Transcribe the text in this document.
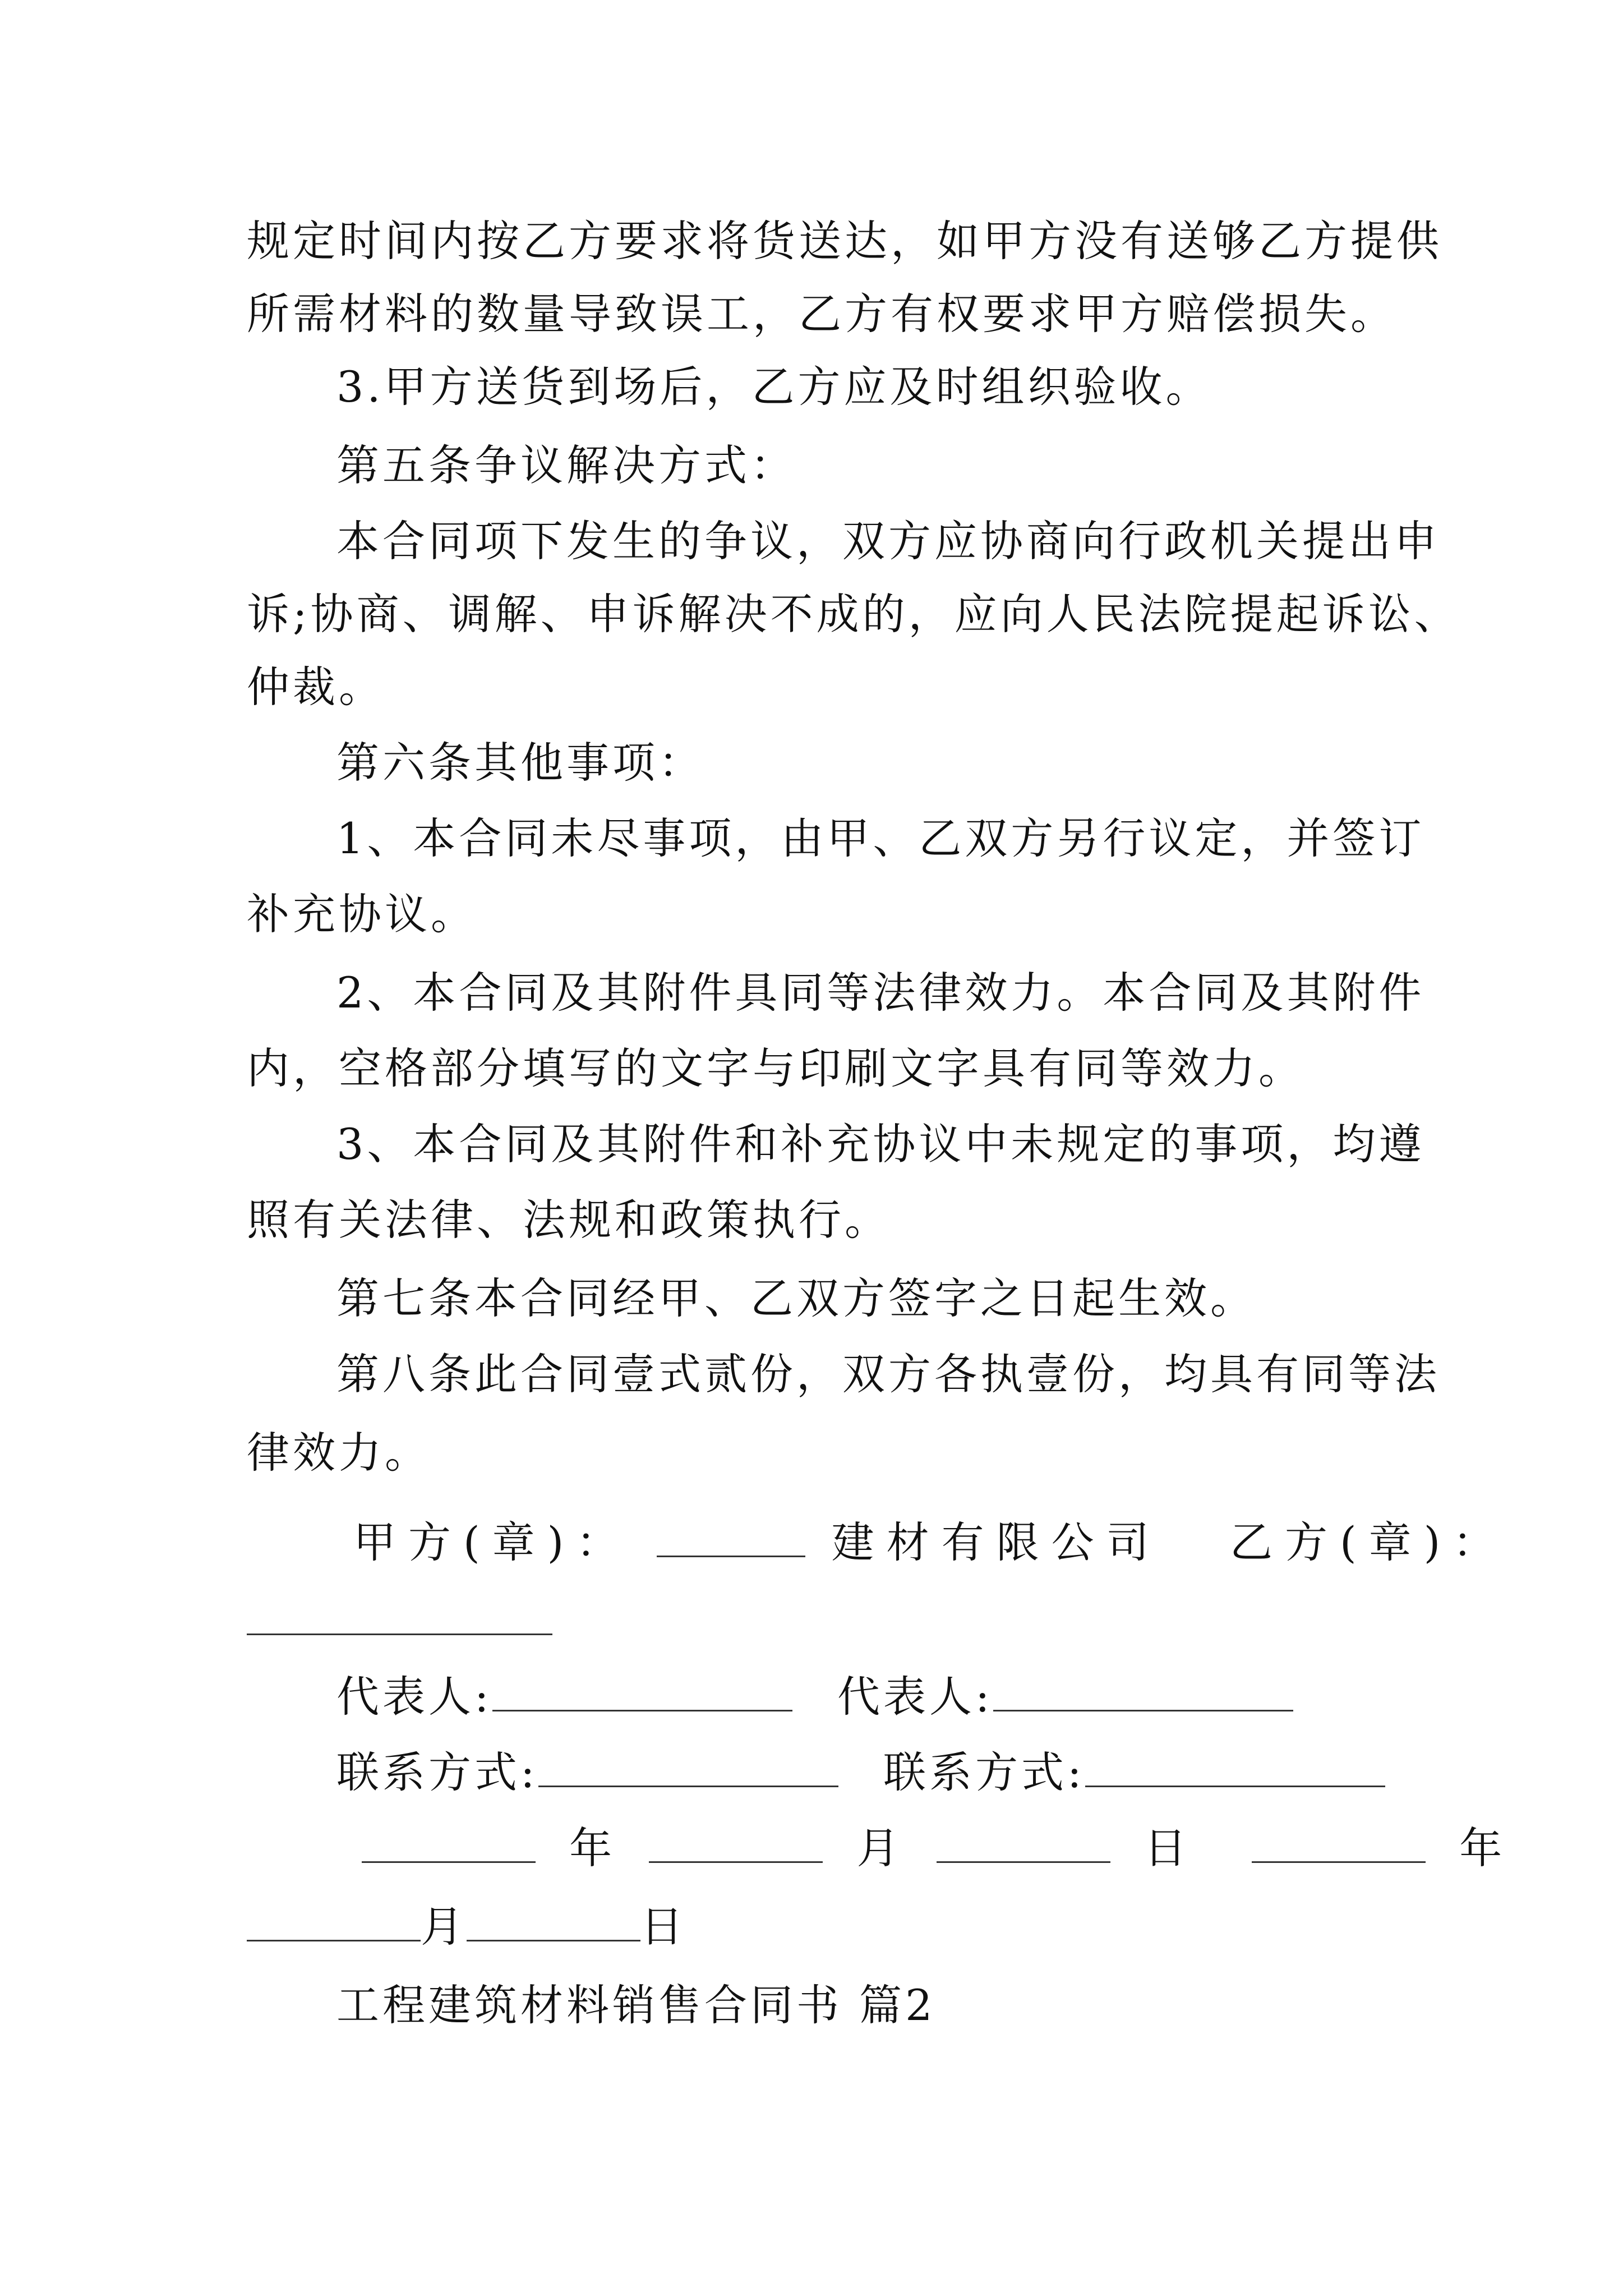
规定时间内按乙方要求将货送达，如甲方没有送够乙方提供
所需材料的数量导致误工，乙方有权要求甲方赔偿损失。
3.甲方送货到场后，乙方应及时组织验收。
第五条争议解决方式：
本合同项下发生的争议，双方应协商向行政机关提出申
诉;协商、调解、申诉解决不成的，应向人民法院提起诉讼、
仲裁。
第六条其他事项：
1、本合同未尽事项，由甲、乙双方另行议定，并签订
补充协议。
2、本合同及其附件具同等法律效力。本合同及其附件
内，空格部分填写的文字与印刷文字具有同等效力。
3、本合同及其附件和补充协议中未规定的事项，均遵
照有关法律、法规和政策执行。
第七条本合同经甲、乙双方签字之日起生效。
第八条此合同壹式贰份，双方各执壹份，均具有同等法
律效力。
甲方(章)：	建材有限公司 乙方(章)：
代表人:	代表人:
联系方式:	联系方式:
年	月	日	年
月	日
工程建筑材料销售合同书 篇2
